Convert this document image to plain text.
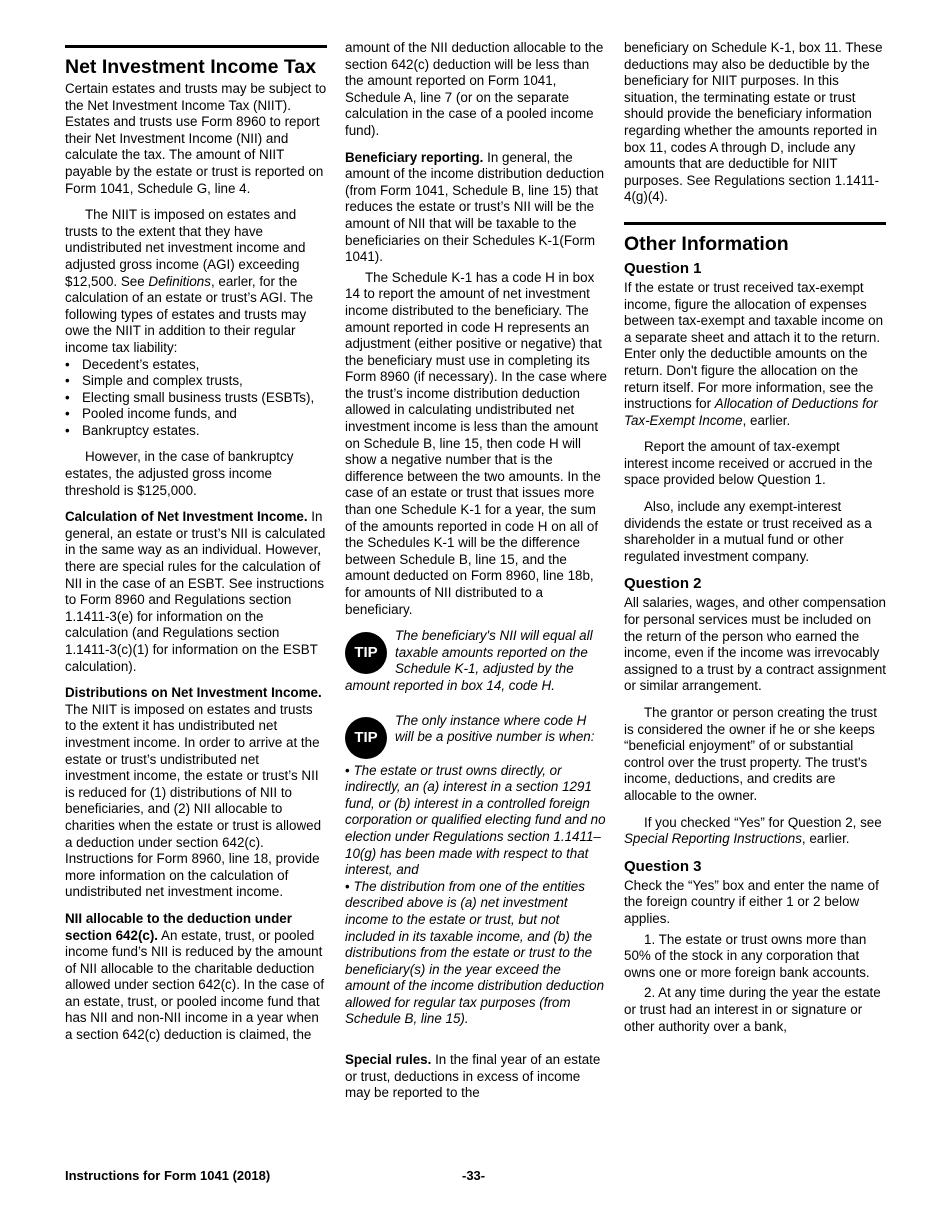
Net Investment Income Tax

Certain estates and trusts may be subject to the Net Investment Income Tax (NIIT). Estates and trusts use Form 8960 to report their Net Investment Income (NII) and calculate the tax. The amount of NIIT payable by the estate or trust is reported on Form 1041, Schedule G, line 4.

The NIIT is imposed on estates and trusts to the extent that they have undistributed net investment income and adjusted gross income (AGI) exceeding $12,500. See Definitions, earler, for the calculation of an estate or trust’s AGI. The following types of estates and trusts may owe the NIIT in addition to their regular income tax liability:

• Decedent’s estates,
• Simple and complex trusts,
• Electing small business trusts (ESBTs),
• Pooled income funds, and
• Bankruptcy estates.

However, in the case of bankruptcy estates, the adjusted gross income threshold is $125,000.

Calculation of Net Investment Income. In general, an estate or trust’s NII is calculated in the same way as an individual. However, there are special rules for the calculation of NII in the case of an ESBT. See instructions to Form 8960 and Regulations section 1.1411-3(e) for information on the calculation (and Regulations section 1.1411-3(c)(1) for information on the ESBT calculation).

Distributions on Net Investment Income. The NIIT is imposed on estates and trusts to the extent it has undistributed net investment income. In order to arrive at the estate or trust’s undistributed net investment income, the estate or trust’s NII is reduced for (1) distributions of NII to beneficiaries, and (2) NII allocable to charities when the estate or trust is allowed a deduction under section 642(c). Instructions for Form 8960, line 18, provide more information on the calculation of undistributed net investment income.

NII allocable to the deduction under section 642(c). An estate, trust, or pooled income fund’s NII is reduced by the amount of NII allocable to the charitable deduction allowed under section 642(c). In the case of an estate, trust, or pooled income fund that has NII and non-NII income in a year when a section 642(c) deduction is claimed, the

amount of the NII deduction allocable to the section 642(c) deduction will be less than the amount reported on Form 1041, Schedule A, line 7 (or on the separate calculation in the case of a pooled income fund).

Beneficiary reporting. In general, the amount of the income distribution deduction (from Form 1041, Schedule B, line 15) that reduces the estate or trust’s NII will be the amount of NII that will be taxable to the beneficiaries on their Schedules K-1(Form 1041).

The Schedule K-1 has a code H in box 14 to report the amount of net investment income distributed to the beneficiary. The amount reported in code H represents an adjustment (either positive or negative) that the beneficiary must use in completing its Form 8960 (if necessary). In the case where the trust’s income distribution deduction allowed in calculating undistributed net investment income is less than the amount on Schedule B, line 15, then code H will show a negative number that is the difference between the two amounts. In the case of an estate or trust that issues more than one Schedule K-1 for a year, the sum of the amounts reported in code H on all of the Schedules K-1 will be the difference between Schedule B, line 15, and the amount deducted on Form 8960, line 18b, for amounts of NII distributed to a beneficiary.

TIP
The beneficiary's NII will equal all taxable amounts reported on the Schedule K-1, adjusted by the amount reported in box 14, code H.
TIP
The only instance where code H will be a positive number is when:

• The estate or trust owns directly, or indirectly, an (a) interest in a section 1291 fund, or (b) interest in a controlled foreign corporation or qualified electing fund and no election under Regulations section 1.1411–10(g) has been made with respect to that interest, and

• The distribution from one of the entities described above is (a) net investment income to the estate or trust, but not included in its taxable income, and (b) the distributions from the estate or trust to the beneficiary(s) in the year exceed the amount of the income distribution deduction allowed for regular tax purposes (from Schedule B, line 15).

Special rules. In the final year of an estate or trust, deductions in excess of income may be reported to the

beneficiary on Schedule K-1, box 11. These deductions may also be deductible by the beneficiary for NIIT purposes. In this situation, the terminating estate or trust should provide the beneficiary information regarding whether the amounts reported in box 11, codes A through D, include any amounts that are deductible for NIIT purposes. See Regulations section 1.1411-4(g)(4).

Other Information
Question 1

If the estate or trust received tax-exempt income, figure the allocation of expenses between tax-exempt and taxable income on a separate sheet and attach it to the return. Enter only the deductible amounts on the return. Don't figure the allocation on the return itself. For more information, see the instructions for Allocation of Deductions for Tax-Exempt Income, earlier.

Report the amount of tax-exempt interest income received or accrued in the space provided below Question 1.

Also, include any exempt-interest dividends the estate or trust received as a shareholder in a mutual fund or other regulated investment company.

Question 2

All salaries, wages, and other compensation for personal services must be included on the return of the person who earned the income, even if the income was irrevocably assigned to a trust by a contract assignment or similar arrangement.

The grantor or person creating the trust is considered the owner if he or she keeps “beneficial enjoyment” of or substantial control over the trust property. The trust's income, deductions, and credits are allocable to the owner.

If you checked “Yes” for Question 2, see Special Reporting Instructions, earlier.

Question 3

Check the “Yes” box and enter the name of the foreign country if either 1 or 2 below applies.

1. The estate or trust owns more than 50% of the stock in any corporation that owns one or more foreign bank accounts.

2. At any time during the year the estate or trust had an interest in or signature or other authority over a bank,

Instructions for Form 1041 (2018)	-33-
